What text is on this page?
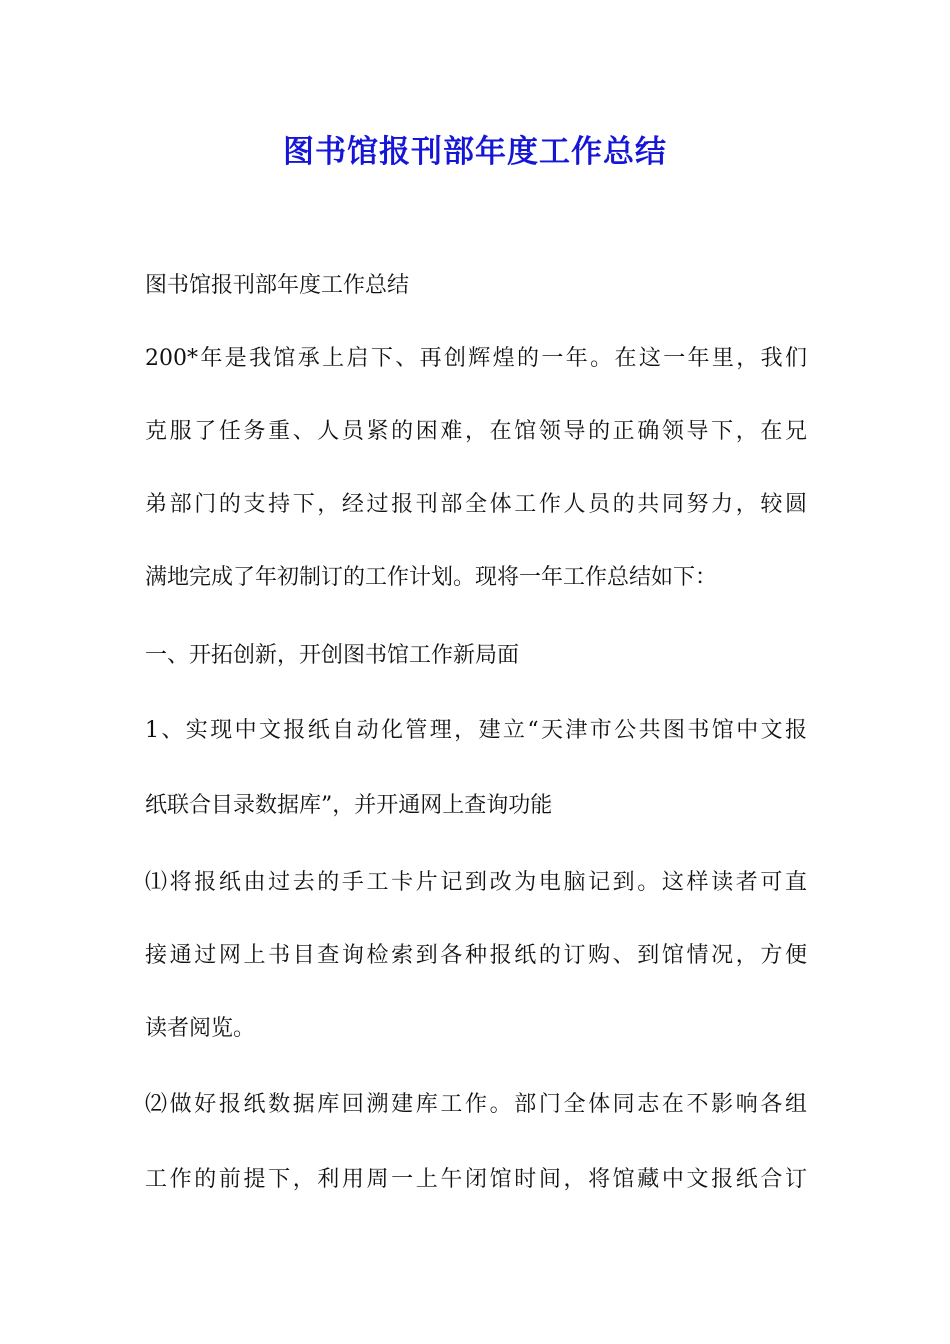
图书馆报刊部年度工作总结
图书馆报刊部年度工作总结
200*年是我馆承上启下、再创辉煌的一年。在这一年里，我们
克服了任务重、人员紧的困难，在馆领导的正确领导下，在兄
弟部门的支持下，经过报刊部全体工作人员的共同努力，较圆
满地完成了年初制订的工作计划。现将一年工作总结如下：
一、开拓创新，开创图书馆工作新局面
1、实现中文报纸自动化管理，建立“天津市公共图书馆中文报
纸联合目录数据库”，并开通网上查询功能
⑴将报纸由过去的手工卡片记到改为电脑记到。这样读者可直
接通过网上书目查询检索到各种报纸的订购、到馆情况，方便
读者阅览。
⑵做好报纸数据库回溯建库工作。部门全体同志在不影响各组
工作的前提下，利用周一上午闭馆时间，将馆藏中文报纸合订
